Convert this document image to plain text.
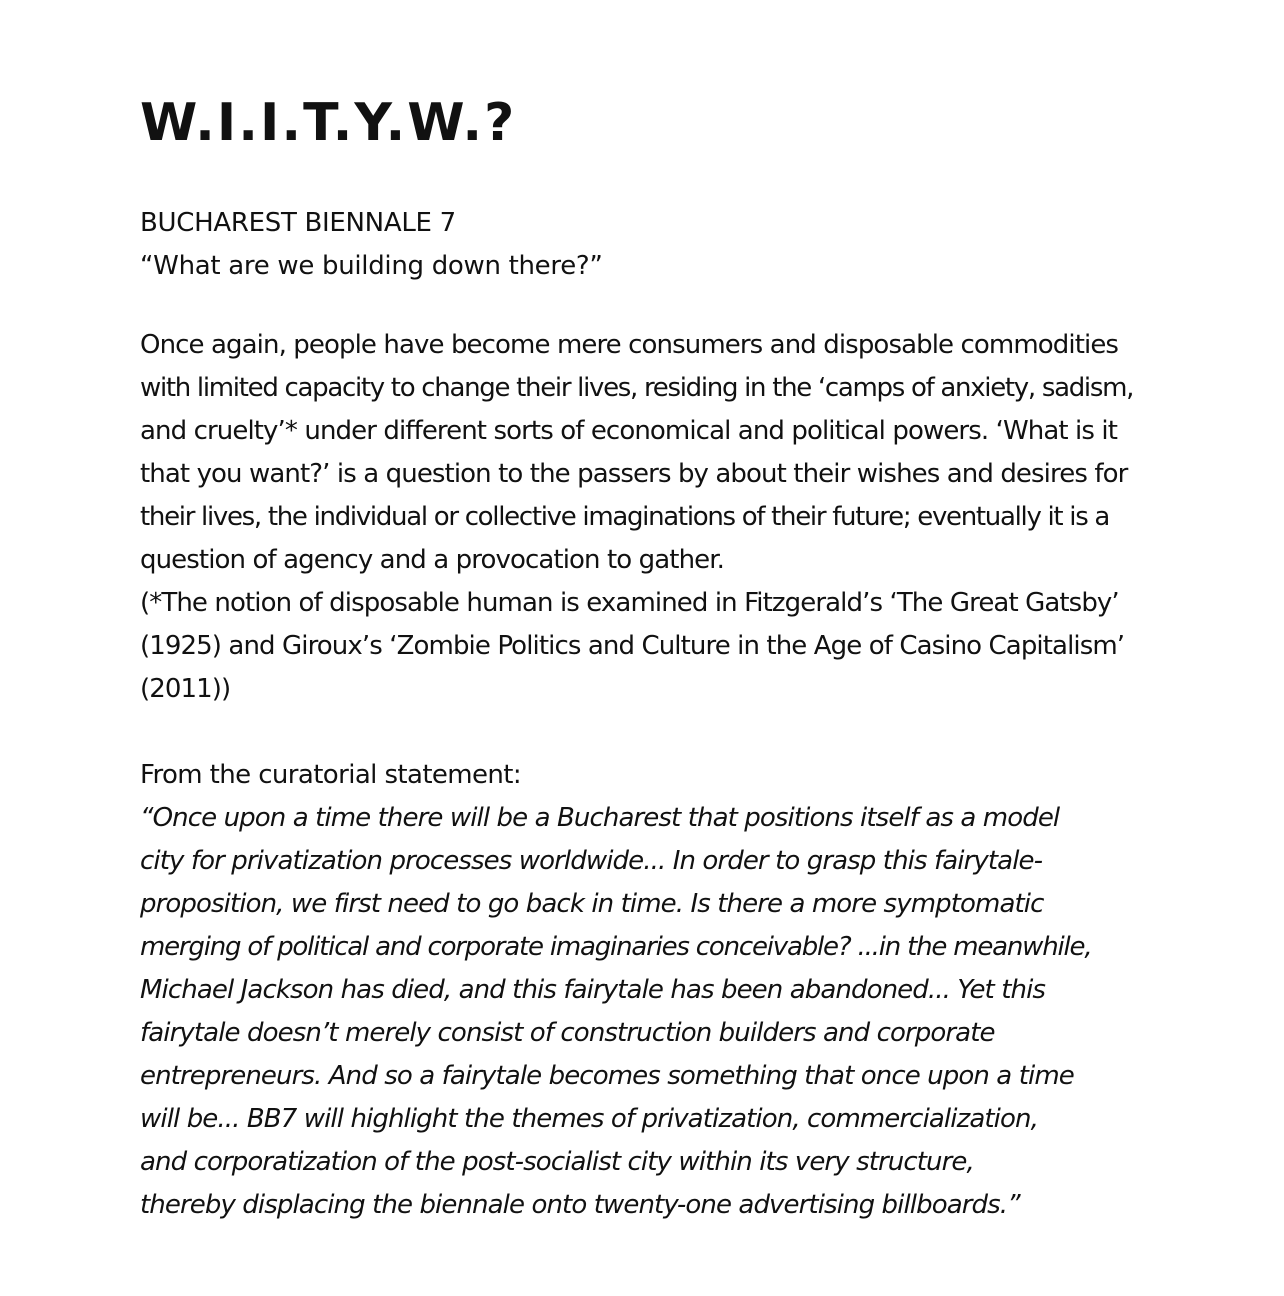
W.I.I.T.Y.W.?
BUCHAREST BIENNALE 7
“What are we building down there?”
Once again, people have become mere consumers and disposable commodities
with limited capacity to change their lives, residing in the ‘camps of anxiety, sadism,
and cruelty’* under different sorts of economical and political powers. ‘What is it
that you want?’ is a question to the passers by about their wishes and desires for
their lives, the individual or collective imaginations of their future; eventually it is a
question of agency and a provocation to gather.
(*The notion of disposable human is examined in Fitzgerald’s ‘The Great Gatsby’
(1925) and Giroux’s ‘Zombie Politics and Culture in the Age of Casino Capitalism’
(2011))
From the curatorial statement:
“Once upon a time there will be a Bucharest that positions itself as a model
city for privatization processes worldwide... In order to grasp this fairytale-
proposition, we first need to go back in time. Is there a more symptomatic
merging of political and corporate imaginaries conceivable? ...in the meanwhile,
Michael Jackson has died, and this fairytale has been abandoned... Yet this
fairytale doesn’t merely consist of construction builders and corporate
entrepreneurs. And so a fairytale becomes something that once upon a time
will be... BB7 will highlight the themes of privatization, commercialization,
and corporatization of the post-socialist city within its very structure,
thereby displacing the biennale onto twenty-one advertising billboards.”
